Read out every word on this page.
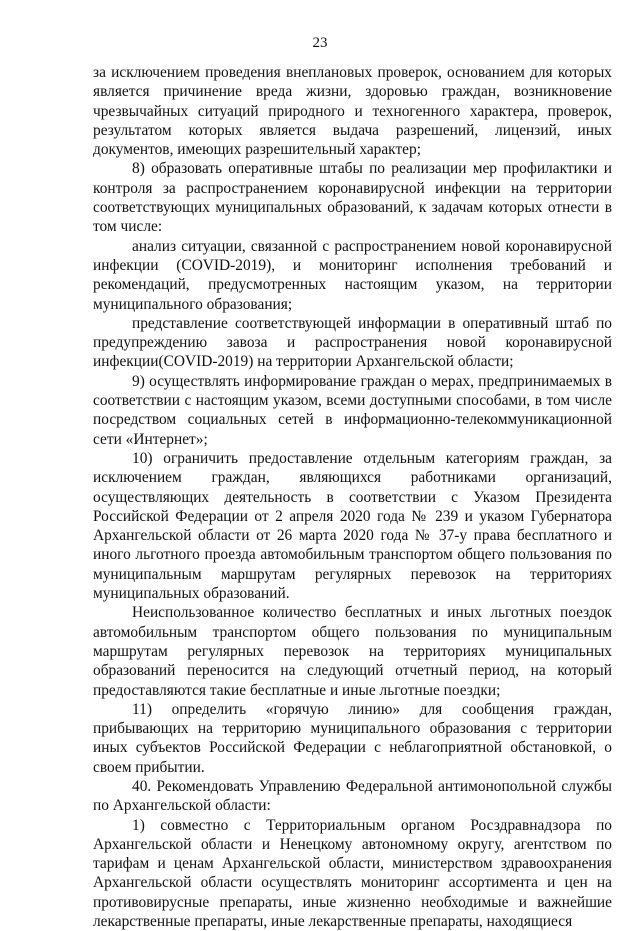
23

за исключением проведения внеплановых проверок, основанием для которых является причинение вреда жизни, здоровью граждан, возникновение чрезвычайных ситуаций природного и техногенного характера, проверок, результатом которых является выдача разрешений, лицензий, иных документов, имеющих разрешительный характер;

8) образовать оперативные штабы по реализации мер профилактики и контроля за распространением коронавирусной инфекции на территории соответствующих муниципальных образований, к задачам которых отнести в том числе:

анализ ситуации, связанной с распространением новой коронавирусной инфекции (COVID-2019), и мониторинг исполнения требований и рекомендаций, предусмотренных настоящим указом, на территории муниципального образования;

представление соответствующей информации в оперативный штаб по предупреждению завоза и распространения новой коронавирусной инфекции(COVID-2019) на территории Архангельской области;

9) осуществлять информирование граждан о мерах, предпринимаемых в соответствии с настоящим указом, всеми доступными способами, в том числе посредством социальных сетей в информационно-телекоммуникационной сети «Интернет»;

10) ограничить предоставление отдельным категориям граждан, за исключением граждан, являющихся работниками организаций, осуществляющих деятельность в соответствии с Указом Президента Российской Федерации от 2 апреля 2020 года № 239 и указом Губернатора Архангельской области от 26 марта 2020 года № 37-у права бесплатного и иного льготного проезда автомобильным транспортом общего пользования по муниципальным маршрутам регулярных перевозок на территориях муниципальных образований.

Неиспользованное количество бесплатных и иных льготных поездок автомобильным транспортом общего пользования по муниципальным маршрутам регулярных перевозок на территориях муниципальных образований переносится на следующий отчетный период, на который предоставляются такие бесплатные и иные льготные поездки;

11) определить «горячую линию» для сообщения граждан, прибывающих на территорию муниципального образования с территории иных субъектов Российской Федерации с неблагоприятной обстановкой, о своем прибытии.

40. Рекомендовать Управлению Федеральной антимонопольной службы по Архангельской области:

1) совместно с Территориальным органом Росздравнадзора по Архангельской области и Ненецкому автономному округу, агентством по тарифам и ценам Архангельской области, министерством здравоохранения Архангельской области осуществлять мониторинг ассортимента и цен на противовирусные препараты, иные жизненно необходимые и важнейшие лекарственные препараты, иные лекарственные препараты, находящиеся
